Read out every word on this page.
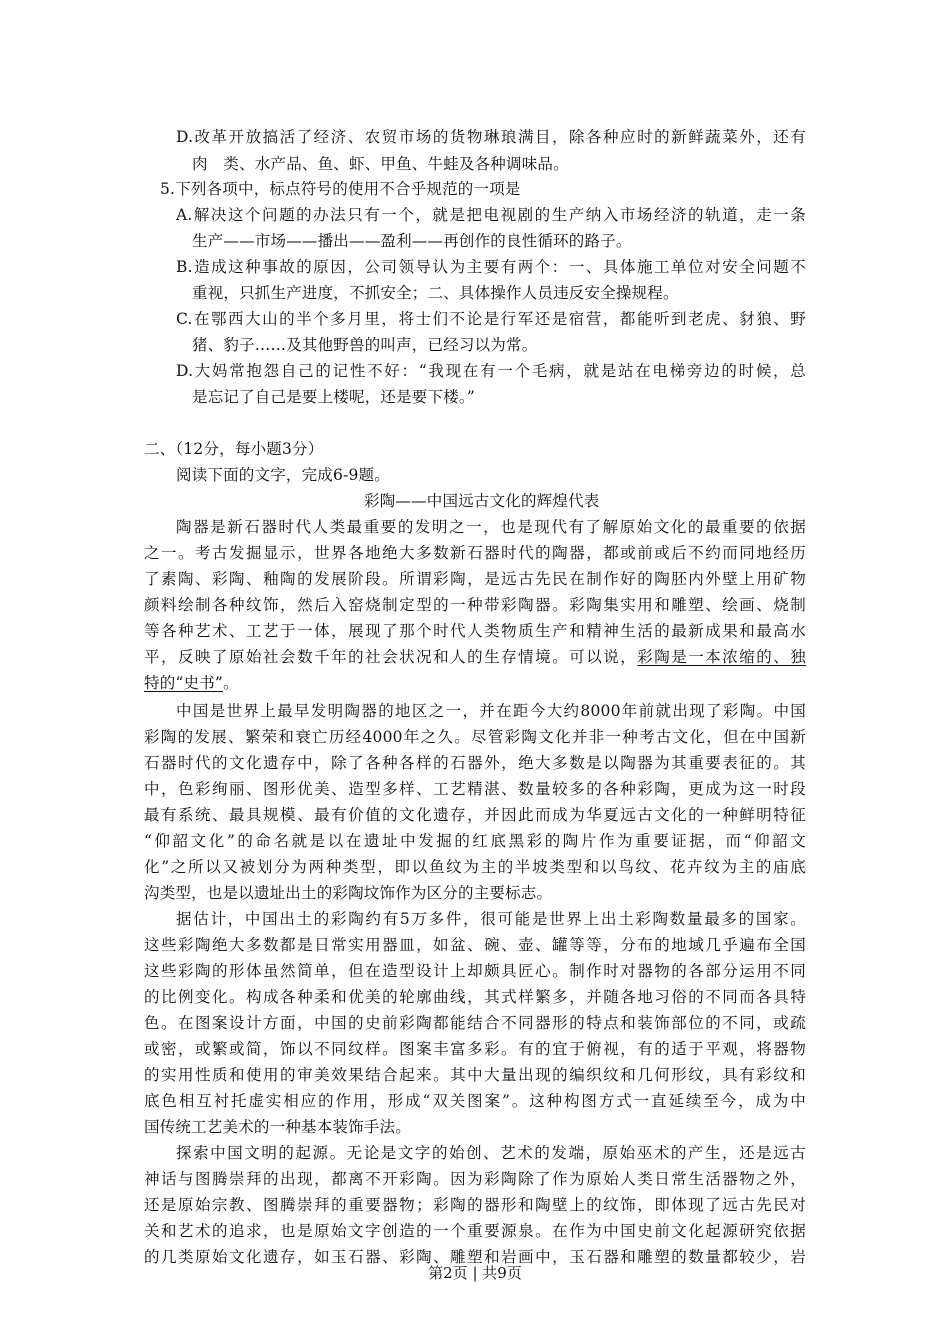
D.改革开放搞活了经济、农贸市场的货物琳琅满目，除各种应时的新鲜蔬菜外，还有
肉　类、水产品、鱼、虾、甲鱼、牛蛙及各种调味品。
5.下列各项中，标点符号的使用不合乎规范的一项是
A.解决这个问题的办法只有一个，就是把电视剧的生产纳入市场经济的轨道，走一条
生产——市场——播出——盈利——再创作的良性循环的路子。
B.造成这种事故的原因，公司领导认为主要有两个：一、具体施工单位对安全问题不
重视，只抓生产进度，不抓安全；二、具体操作人员违反安全操规程。
C.在鄂西大山的半个多月里，将士们不论是行军还是宿营，都能听到老虎、豺狼、野
猪、豹子……及其他野兽的叫声，已经习以为常。
D.大妈常抱怨自己的记性不好：“我现在有一个毛病，就是站在电梯旁边的时候，总
是忘记了自己是要上楼呢，还是要下楼。”
二、（12分，每小题3分）
阅读下面的文字，完成6-9题。
彩陶——中国远古文化的辉煌代表
陶器是新石器时代人类最重要的发明之一，也是现代有了解原始文化的最重要的依据
之一。考古发掘显示，世界各地绝大多数新石器时代的陶器，都或前或后不约而同地经历
了素陶、彩陶、釉陶的发展阶段。所谓彩陶，是远古先民在制作好的陶胚内外壁上用矿物
颜料绘制各种纹饰，然后入窑烧制定型的一种带彩陶器。彩陶集实用和雕塑、绘画、烧制
等各种艺术、工艺于一体，展现了那个时代人类物质生产和精神生活的最新成果和最高水
平，反映了原始社会数千年的社会状况和人的生存情境。可以说，彩陶是一本浓缩的、独
特的“史书”。
中国是世界上最早发明陶器的地区之一，并在距今大约8000年前就出现了彩陶。中国
彩陶的发展、繁荣和衰亡历经4000年之久。尽管彩陶文化并非一种考古文化，但在中国新
石器时代的文化遗存中，除了各种各样的石器外，绝大多数是以陶器为其重要表征的。其
中，色彩绚丽、图形优美、造型多样、工艺精湛、数量较多的各种彩陶，更成为这一时段
最有系统、最具规模、最有价值的文化遗存，并因此而成为华夏远古文化的一种鲜明特征
“仰韶文化”的命名就是以在遗址中发掘的红底黑彩的陶片作为重要证据，而“仰韶文
化”之所以又被划分为两种类型，即以鱼纹为主的半坡类型和以鸟纹、花卉纹为主的庙底
沟类型，也是以遗址出土的彩陶坟饰作为区分的主要标志。
据估计，中国出土的彩陶约有5万多件，很可能是世界上出土彩陶数量最多的国家。
这些彩陶绝大多数都是日常实用器皿，如盆、碗、壶、罐等等，分布的地域几乎遍布全国
这些彩陶的形体虽然简单，但在造型设计上却颇具匠心。制作时对器物的各部分运用不同
的比例变化。构成各种柔和优美的轮廓曲线，其式样繁多，并随各地习俗的不同而各具特
色。在图案设计方面，中国的史前彩陶都能结合不同器形的特点和装饰部位的不同，或疏
或密，或繁或简，饰以不同纹样。图案丰富多彩。有的宜于俯视，有的适于平观，将器物
的实用性质和使用的审美效果结合起来。其中大量出现的编织纹和几何形纹，具有彩纹和
底色相互衬托虚实相应的作用，形成“双关图案”。这种构图方式一直延续至今，成为中
国传统工艺美术的一种基本装饰手法。
探索中国文明的起源。无论是文字的始创、艺术的发端，原始巫术的产生，还是远古
神话与图腾崇拜的出现，都离不开彩陶。因为彩陶除了作为原始人类日常生活器物之外，
还是原始宗教、图腾崇拜的重要器物；彩陶的器形和陶壁上的纹饰，即体现了远古先民对
关和艺术的追求，也是原始文字创造的一个重要源泉。在作为中国史前文化起源研究依据
的几类原始文化遗存，如玉石器、彩陶、雕塑和岩画中，玉石器和雕塑的数量都较少，岩
第2页 | 共9页
